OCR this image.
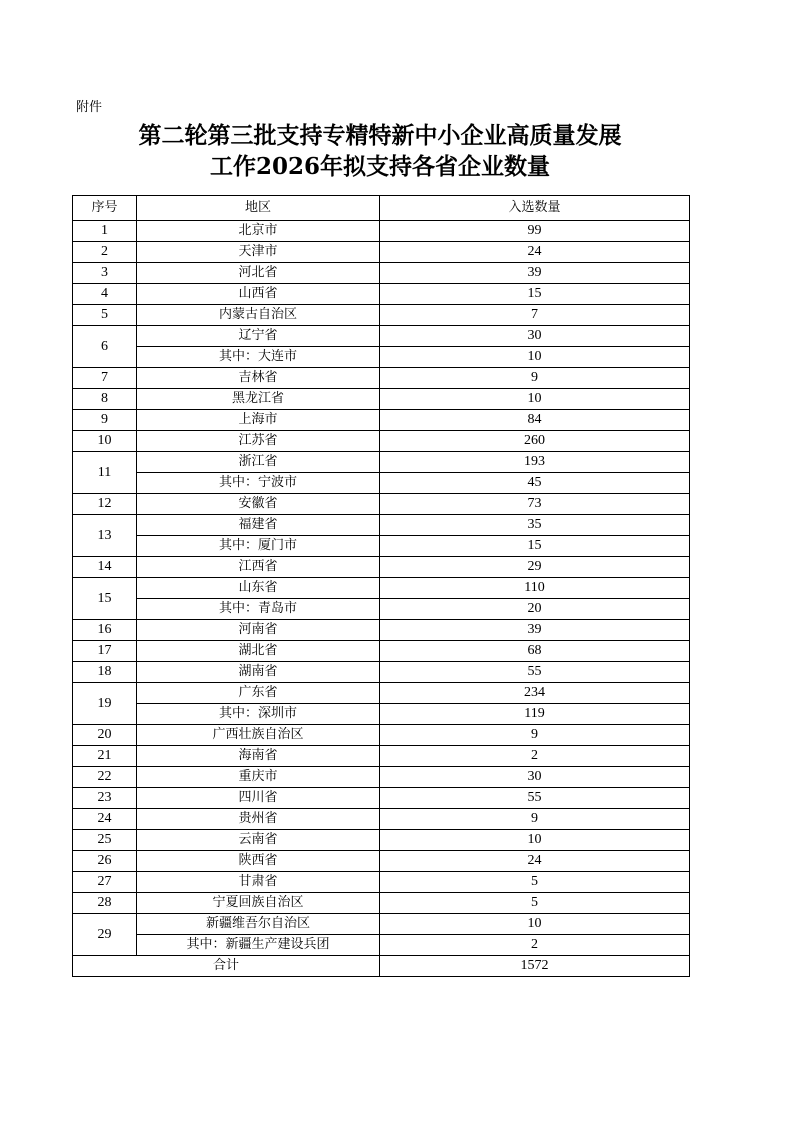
附件
第二轮第三批支持专精特新中小企业高质量发展
工作2026年拟支持各省企业数量
序号	地区	入选数量
1	北京市	99
2	天津市	24
3	河北省	39
4	山西省	15
5	内蒙古自治区	7
6	辽宁省	30
	其中：大连市	10
7	吉林省	9
8	黑龙江省	10
9	上海市	84
10	江苏省	260
11	浙江省	193
	其中：宁波市	45
12	安徽省	73
13	福建省	35
	其中：厦门市	15
14	江西省	29
15	山东省	110
	其中：青岛市	20
16	河南省	39
17	湖北省	68
18	湖南省	55
19	广东省	234
	其中：深圳市	119
20	广西壮族自治区	9
21	海南省	2
22	重庆市	30
23	四川省	55
24	贵州省	9
25	云南省	10
26	陕西省	24
27	甘肃省	5
28	宁夏回族自治区	5
29	新疆维吾尔自治区	10
	其中：新疆生产建设兵团	2
合计		1572
